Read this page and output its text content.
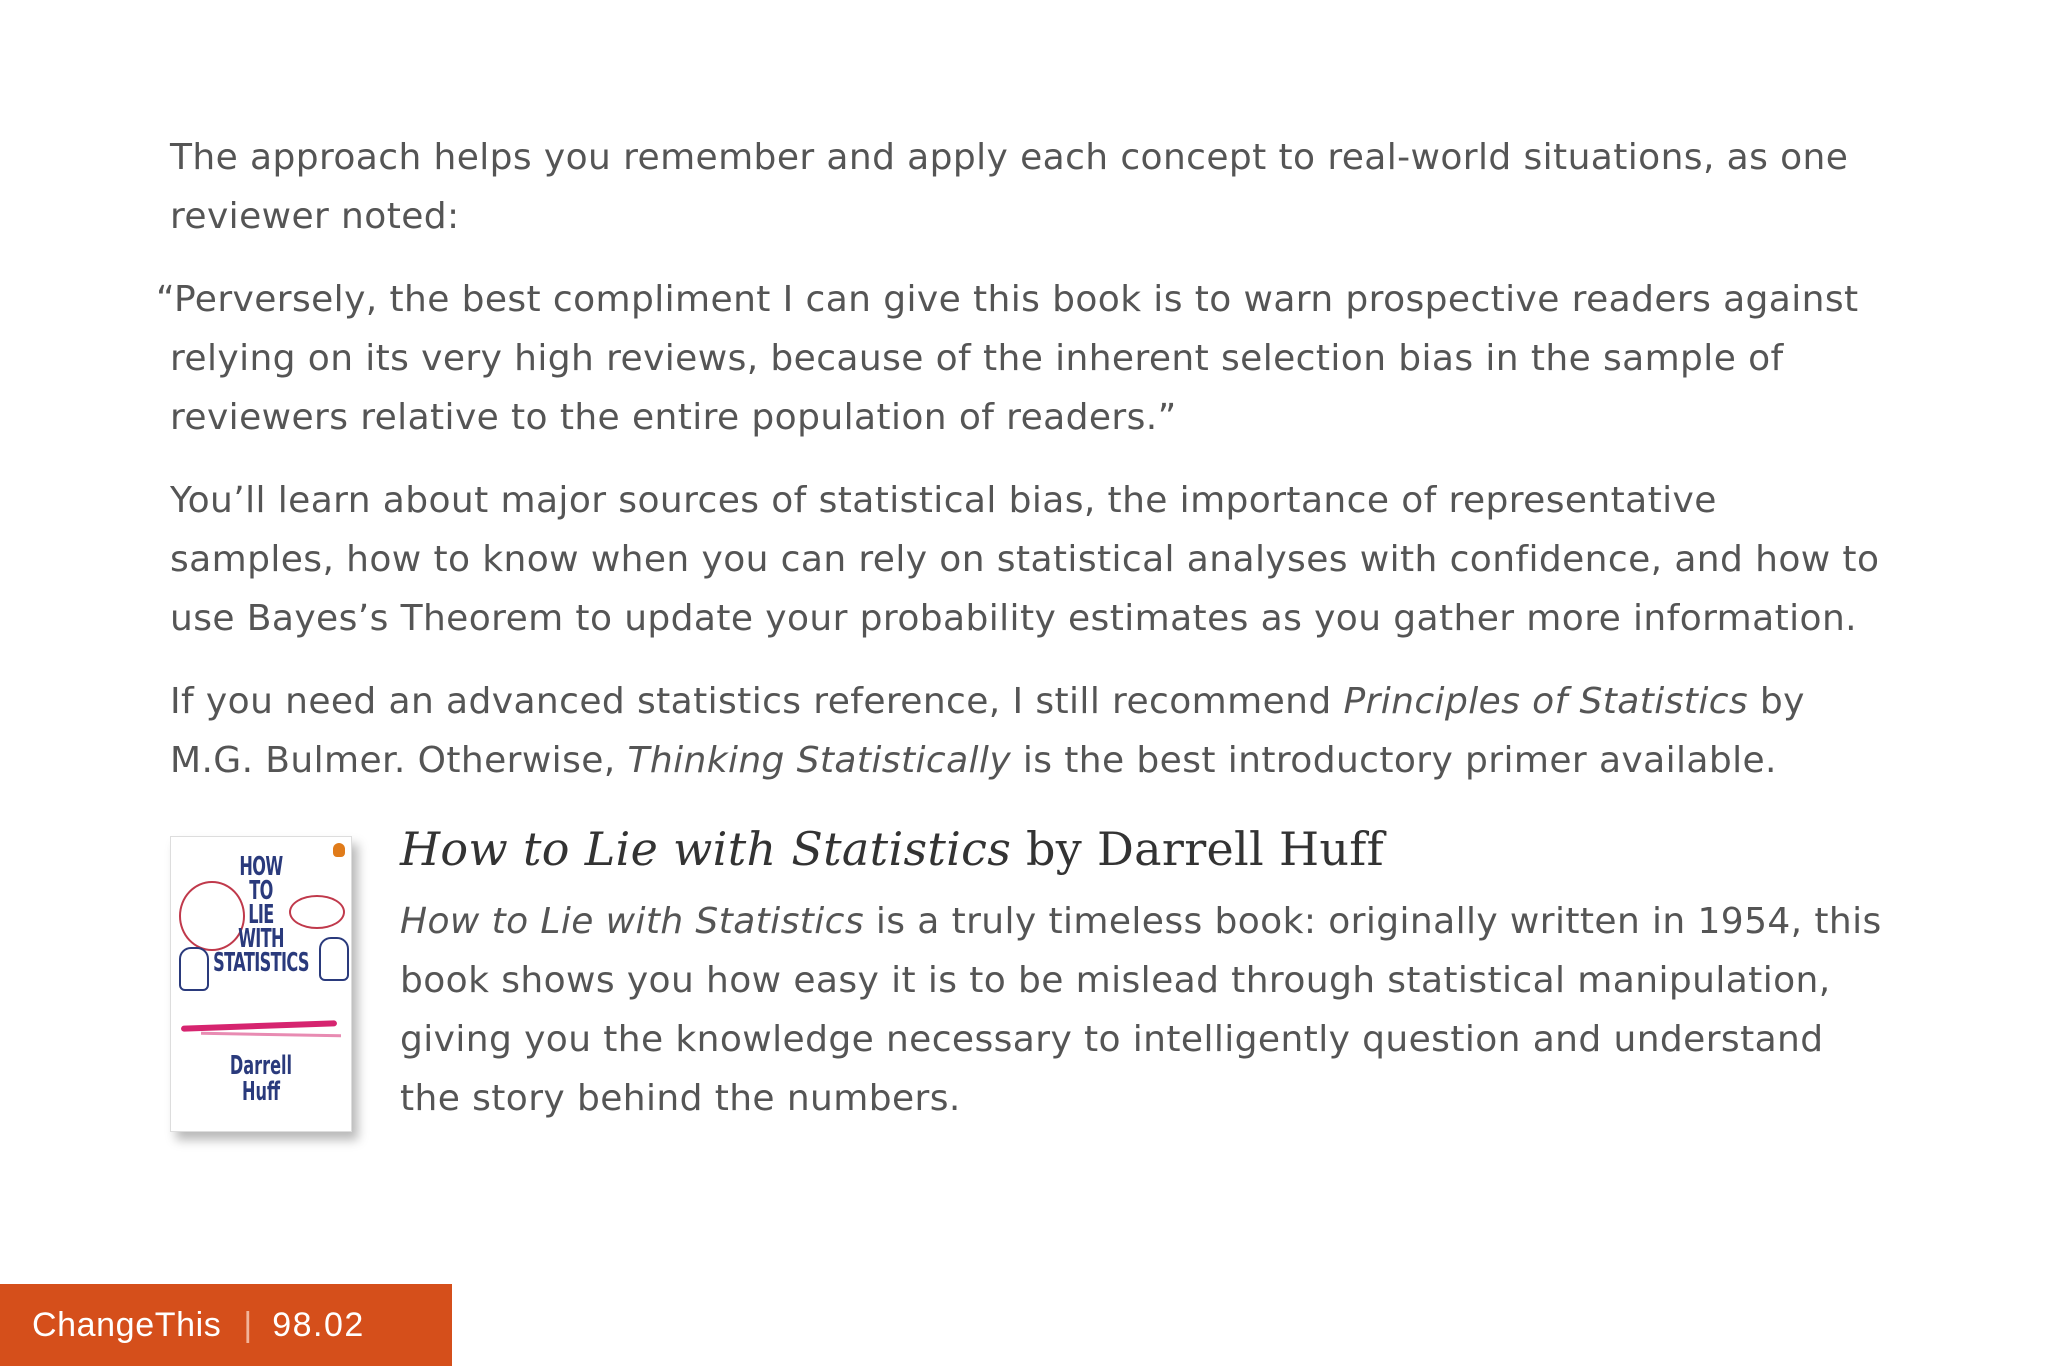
The approach helps you remember and apply each concept to real-world situations, as one reviewer noted:

“Perversely, the best compliment I can give this book is to warn prospective readers against relying on its very high reviews, because of the inherent selection bias in the sample of reviewers relative to the entire population of readers.”

You’ll learn about major sources of statistical bias, the importance of representative samples, how to know when you can rely on statistical analyses with confidence, and how to use Bayes’s Theorem to update your probability estimates as you gather more information.

If you need an advanced statistics reference, I still recommend Principles of Statistics by M.G. Bulmer. Otherwise, Thinking Statistically is the best introductory primer available.

HOW
TO
LIE
WITH
STATISTICS
Darrell
Huff
How to Lie with Statistics by Darrell Huff

How to Lie with Statistics is a truly timeless book: originally written in 1954, this book shows you how easy it is to be mislead through statistical manipulation, giving you the knowledge necessary to intelligently question and understand the story behind the numbers.

ChangeThis | 98.02
